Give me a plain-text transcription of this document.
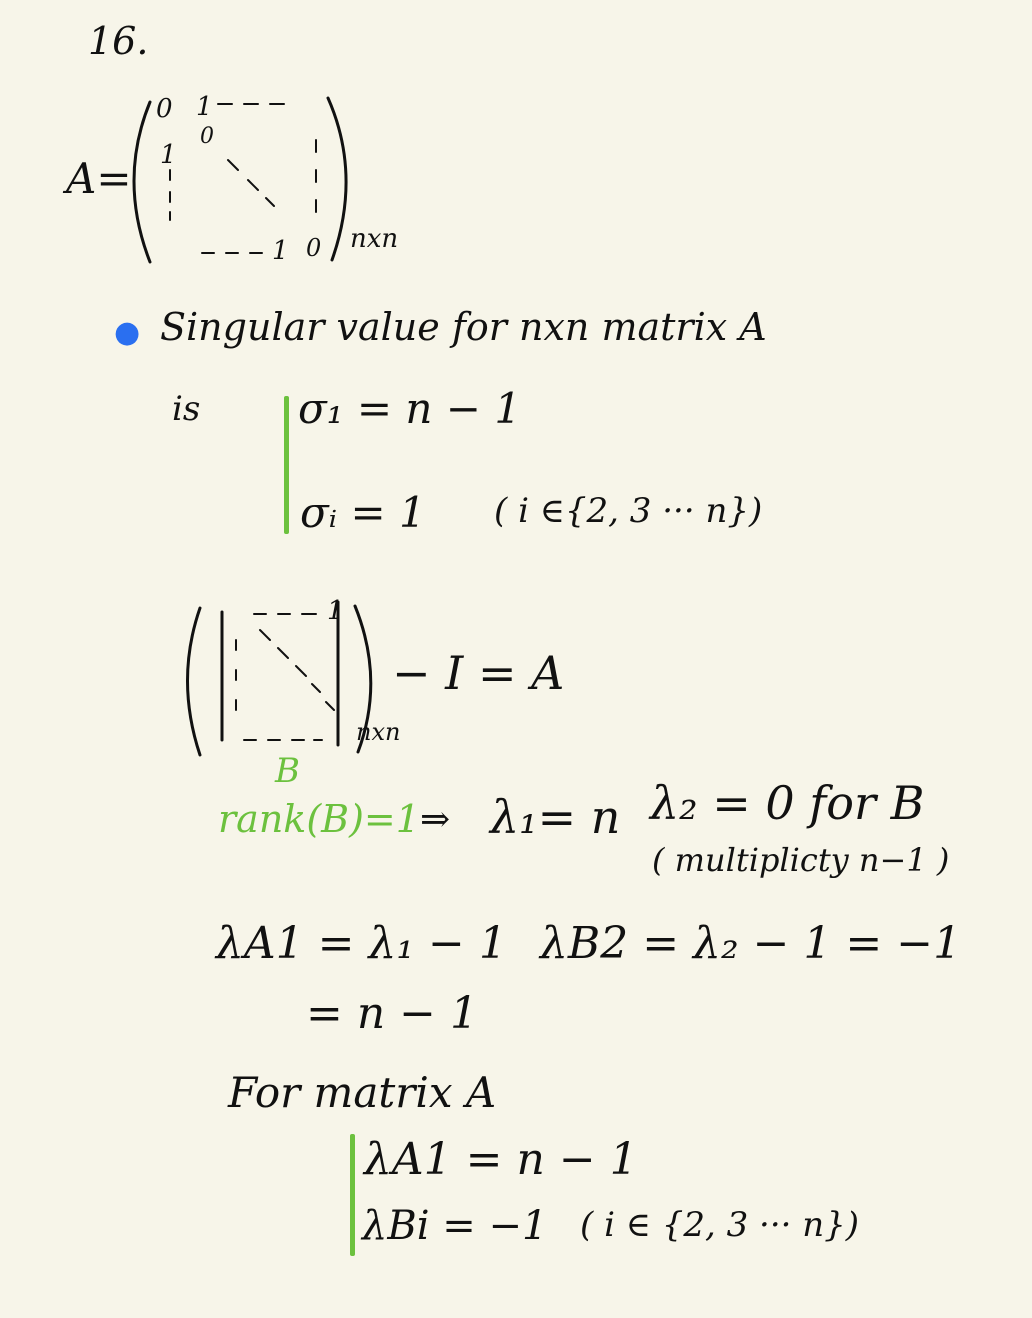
16.
A=
0 1
0
1
1 0 nxn
● Singular value for nxn matrix A
is σ₁ = n − 1
σᵢ = 1 ( i ∈{2, 3 ··· n})
1
nxn
− I = A
B
rank(B)=1 ⇒ λ₁= n λ₂ = 0 for B
( multiplicty n−1 )
λA1 = λ₁ − 1
= n − 1
λB2 = λ₂ − 1 = −1
For matrix A
λA1 = n − 1
λBi = −1 ( i ∈ {2, 3 ··· n})
